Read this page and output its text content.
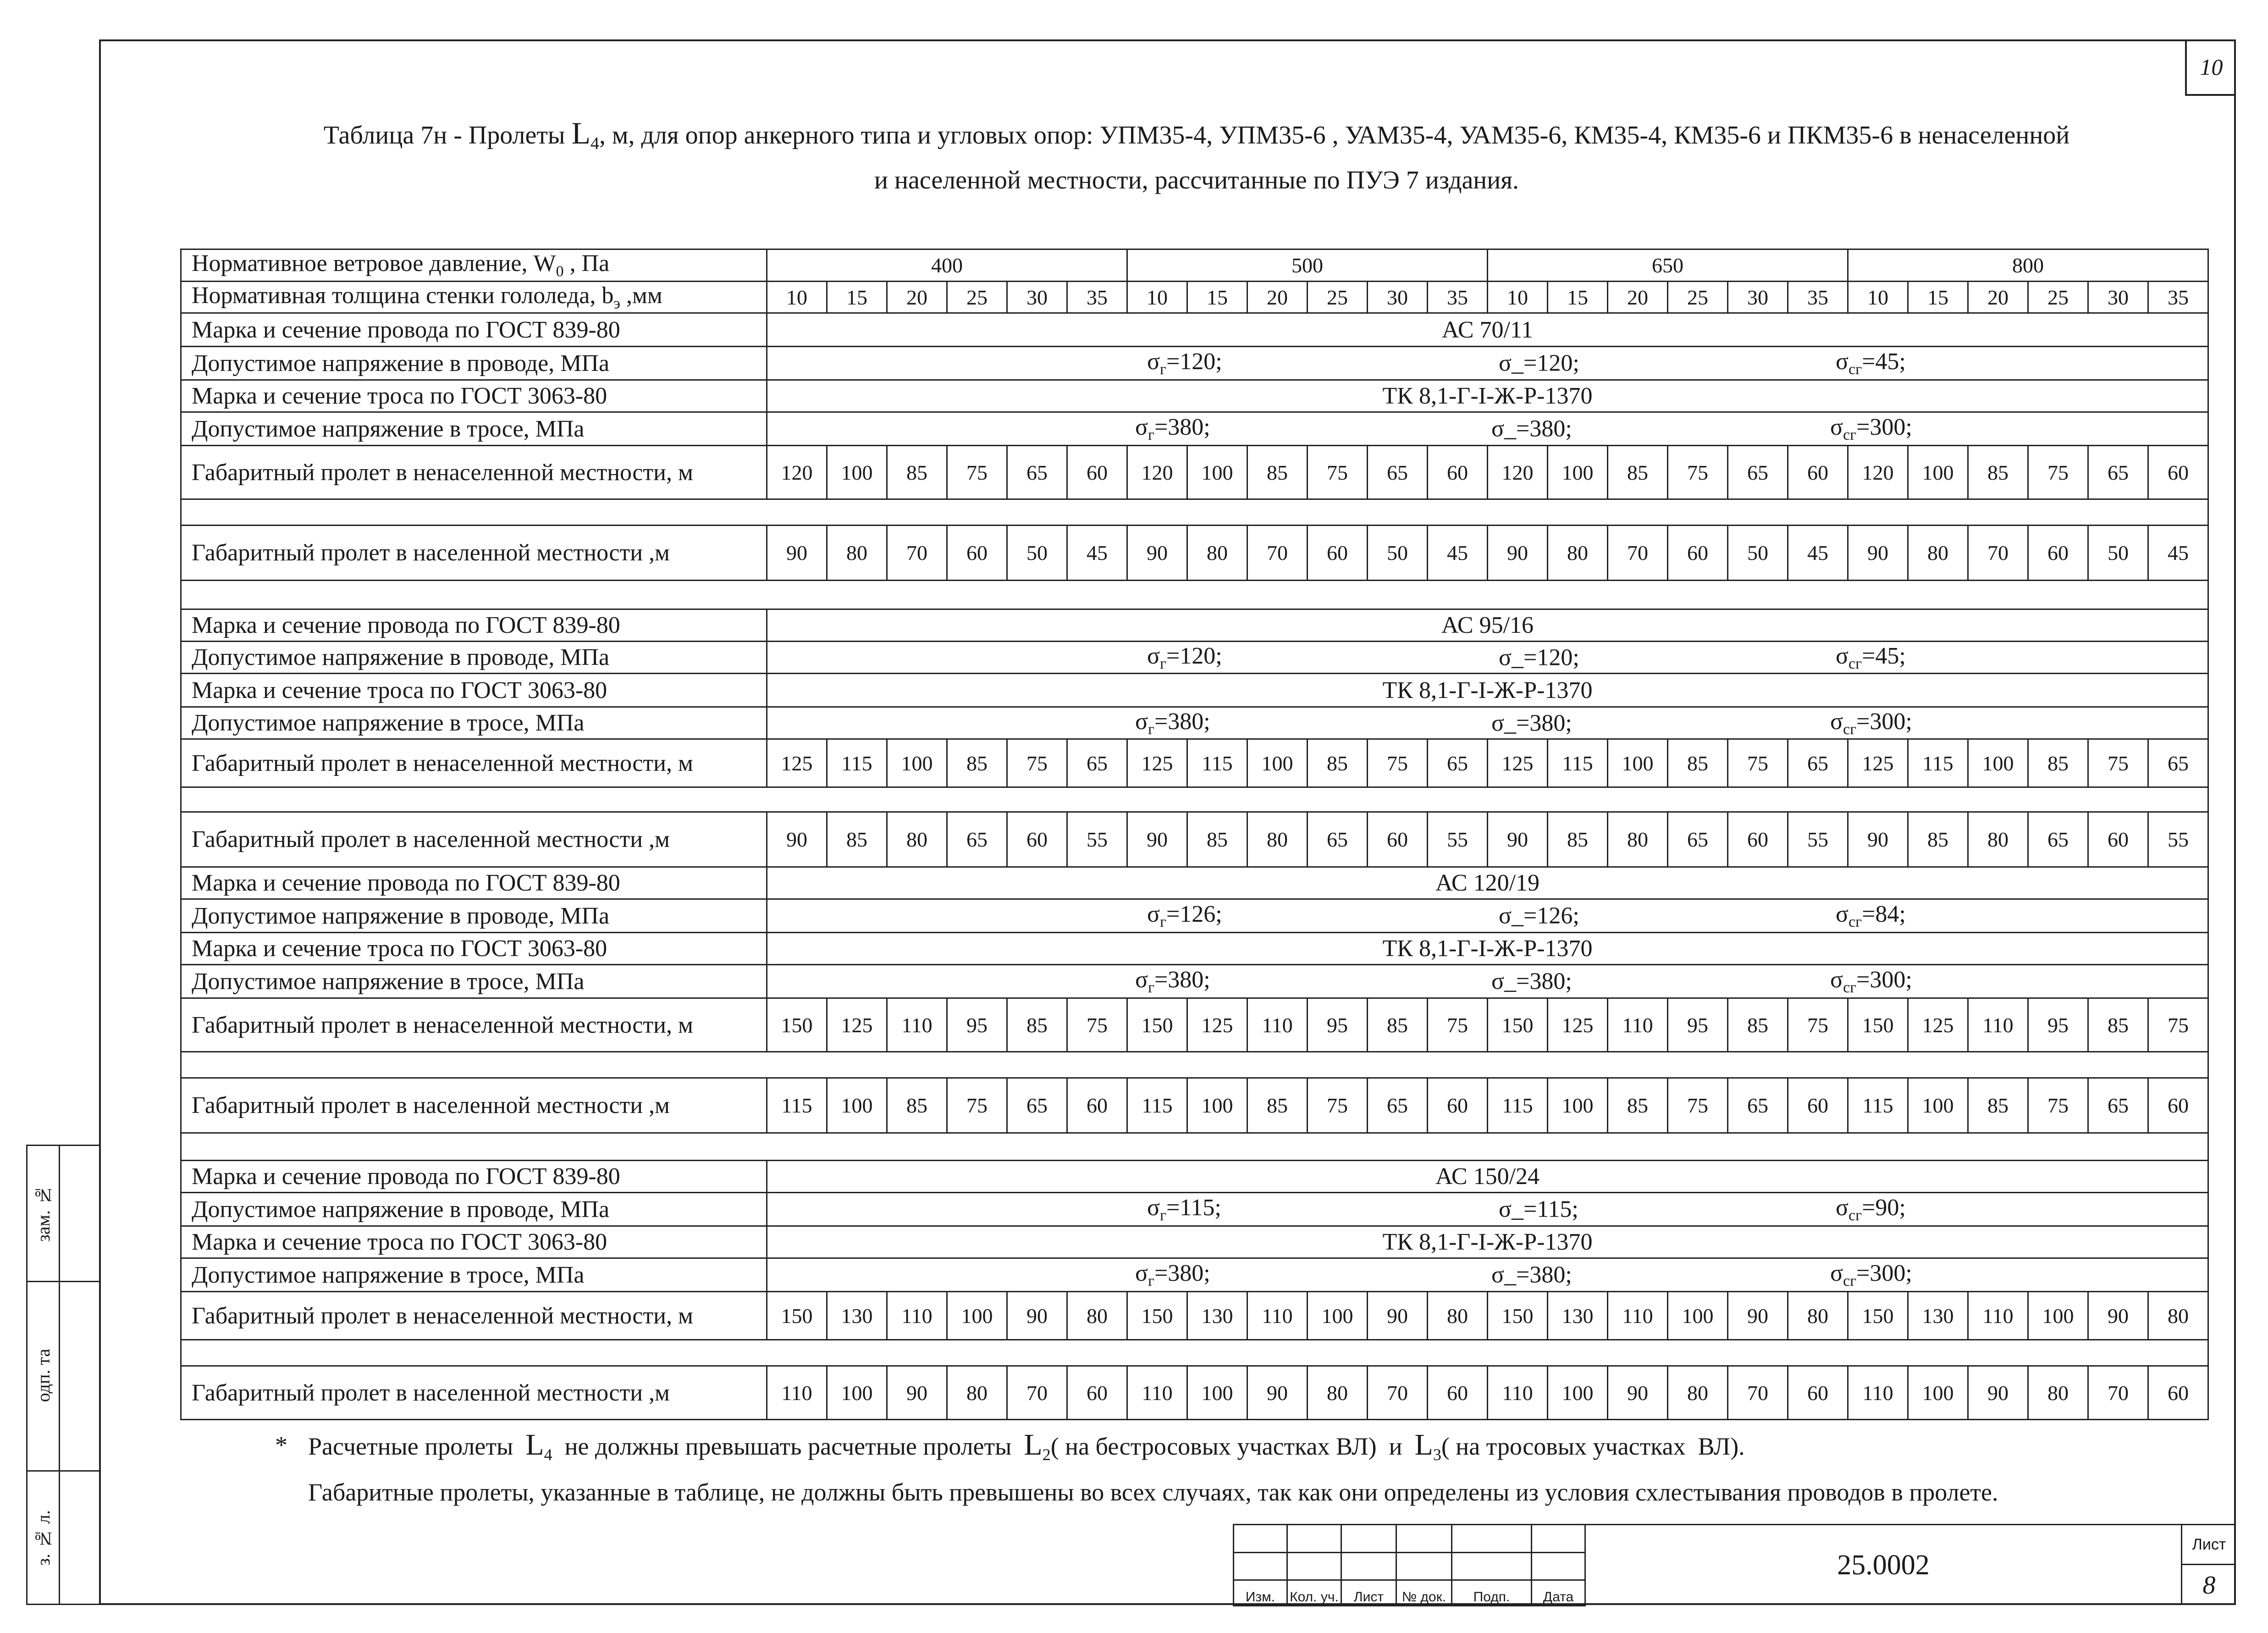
10
Таблица 7н - Пролеты $L_4$, м, для опор анкерного типа и угловых опор: УПМ35-4, УПМ35-6 , УАМ35-4, УАМ35-6, КМ35-4, КМ35-6 и ПКМ35-6 в ненаселенной
и населенной местности, рассчитанные по ПУЭ 7 издания.
Нормативное ветровое давление, $W_0$ , Па	400						500						650						800					
Нормативная толщина стенки гололеда, $b_э$ ,мм	10	15	20	25	30	35	10	15	20	25	30	35	10	15	20	25	30	35	10	15	20	25	30	35
Марка и сечение провода по ГОСТ 839-80	АС 70/11																							
Допустимое напряжение в проводе, МПа	$\sigma_г=120$; σ_=120; $\sigma_{сг}=45$;																							

Марка и сечение троса по ГОСТ 3063-80	ТК 8,1-Г-I-Ж-Р-1370																							
Допустимое напряжение в тросе, МПа	$\sigma_г=380$; σ_=380; $\sigma_{сг}=300$;																							

Габаритный пролет в ненаселенной местности, м	120	100	85	75	65	60	120	100	85	75	65	60	120	100	85	75	65	60	120	100	85	75	65	60

Габаритный пролет в населенной местности ,м	90	80	70	60	50	45	90	80	70	60	50	45	90	80	70	60	50	45	90	80	70	60	50	45

Марка и сечение провода по ГОСТ 839-80	АС 95/16																							
Допустимое напряжение в проводе, МПа	$\sigma_г=120$; σ_=120; $\sigma_{сг}=45$;																							

Марка и сечение троса по ГОСТ 3063-80	ТК 8,1-Г-I-Ж-Р-1370																							
Допустимое напряжение в тросе, МПа	$\sigma_г=380$; σ_=380; $\sigma_{сг}=300$;																							

Габаритный пролет в ненаселенной местности, м	125	115	100	85	75	65	125	115	100	85	75	65	125	115	100	85	75	65	125	115	100	85	75	65

Габаритный пролет в населенной местности ,м	90	85	80	65	60	55	90	85	80	65	60	55	90	85	80	65	60	55	90	85	80	65	60	55
Марка и сечение провода по ГОСТ 839-80	АС 120/19																							
Допустимое напряжение в проводе, МПа	$\sigma_г=126$; σ_=126; $\sigma_{сг}=84$;																							

Марка и сечение троса по ГОСТ 3063-80	ТК 8,1-Г-I-Ж-Р-1370																							
Допустимое напряжение в тросе, МПа	$\sigma_г=380$; σ_=380; $\sigma_{сг}=300$;																							

Габаритный пролет в ненаселенной местности, м	150	125	110	95	85	75	150	125	110	95	85	75	150	125	110	95	85	75	150	125	110	95	85	75

Габаритный пролет в населенной местности ,м	115	100	85	75	65	60	115	100	85	75	65	60	115	100	85	75	65	60	115	100	85	75	65	60

Марка и сечение провода по ГОСТ 839-80	АС 150/24																							
Допустимое напряжение в проводе, МПа	$\sigma_г=115$; σ_=115; $\sigma_{сг}=90$;																							

Марка и сечение троса по ГОСТ 3063-80	ТК 8,1-Г-I-Ж-Р-1370																							
Допустимое напряжение в тросе, МПа	$\sigma_г=380$; σ_=380; $\sigma_{сг}=300$;																							

Габаритный пролет в ненаселенной местности, м	150	130	110	100	90	80	150	130	110	100	90	80	150	130	110	100	90	80	150	130	110	100	90	80

Габаритный пролет в населенной местности ,м	110	100	90	80	70	60	110	100	90	80	70	60	110	100	90	80	70	60	110	100	90	80	70	60
* Расчетные пролеты  $L_4$  не должны превышать расчетные пролеты  $L_2$( на бестросовых участках ВЛ)  и  $L_3$( на тросовых участках  ВЛ).
Габаритные пролеты, указанные в таблице, не должны быть превышены во всех случаях, так как они определены из условия схлестывания проводов в пролете.

Изм.	Кол. уч.	Лист	№ док.	Подп.	Дата
25.0002
Лист
8
зам. №
одп. та
з. № л.
